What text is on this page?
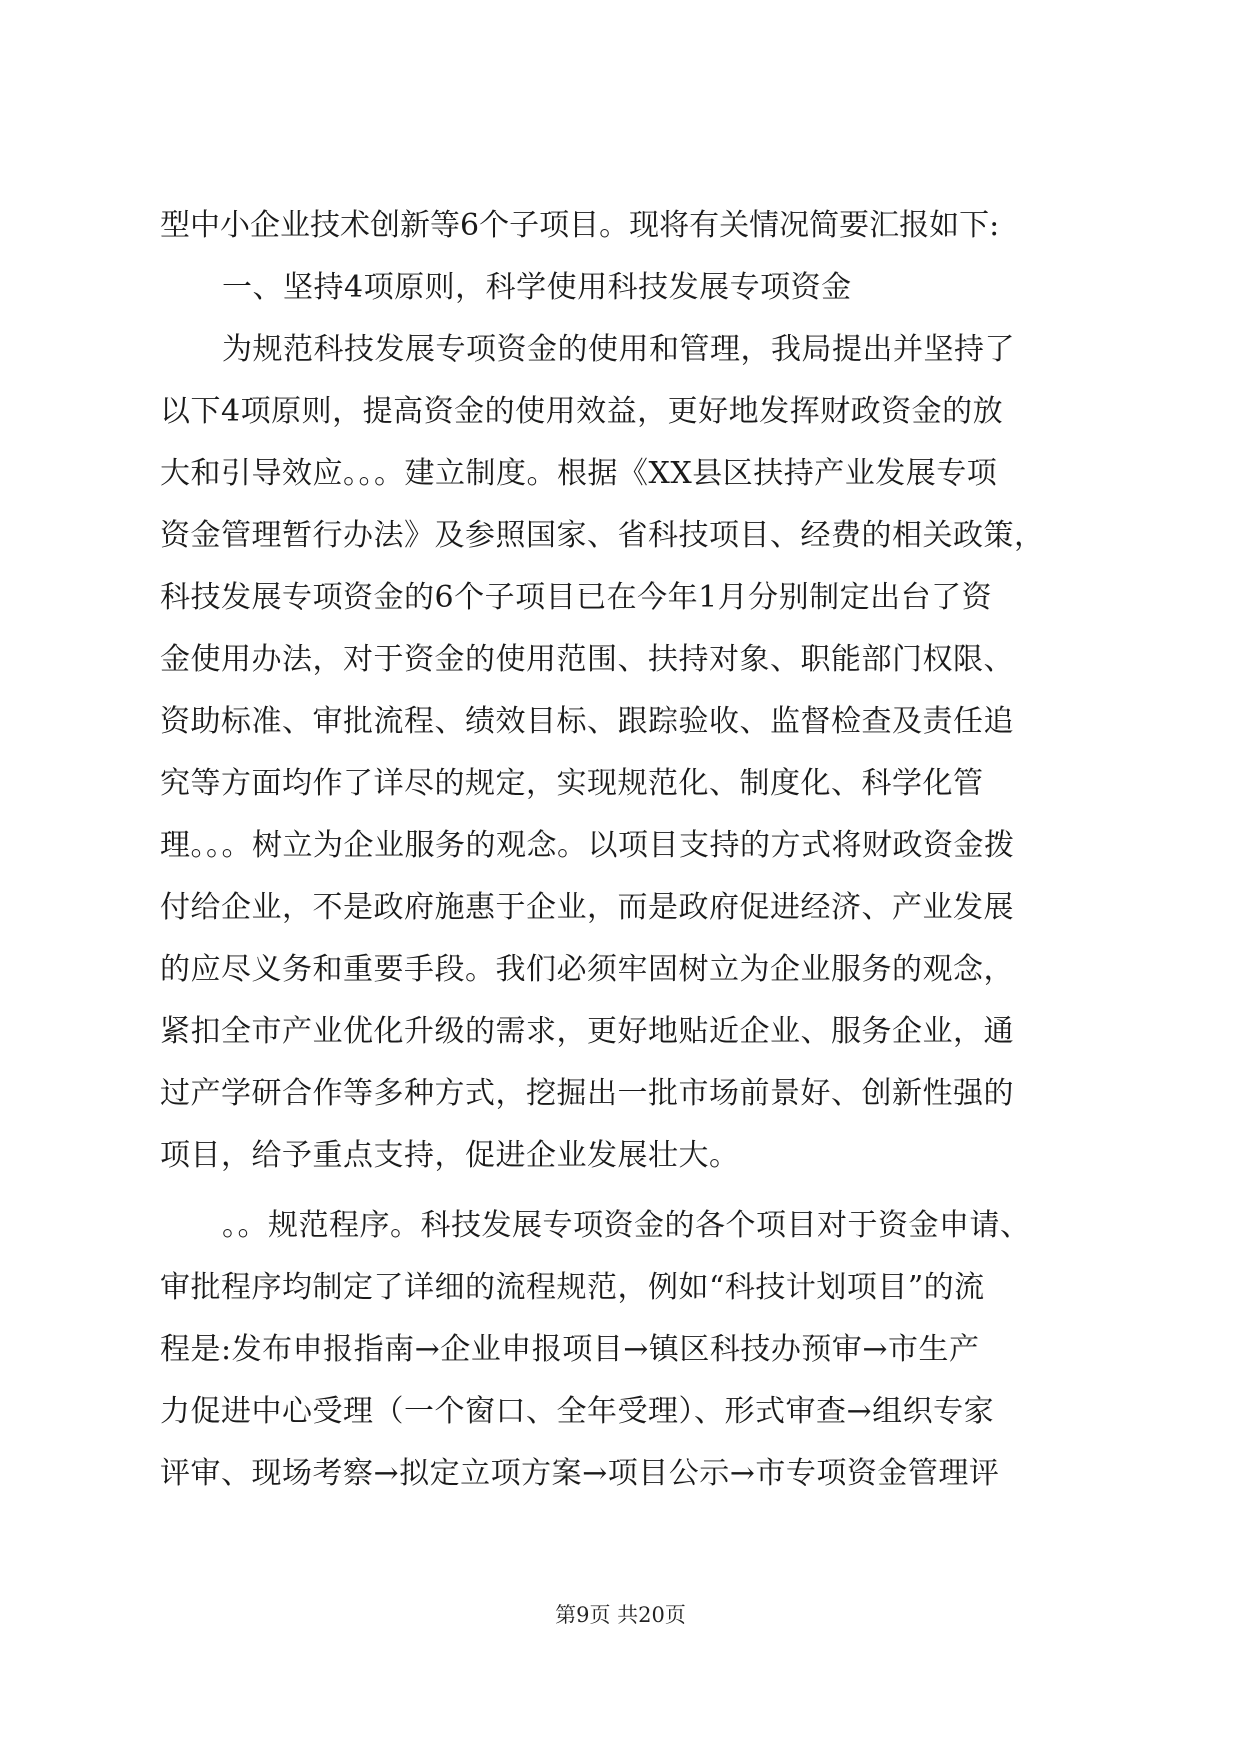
型中小企业技术创新等6个子项目。现将有关情况简要汇报如下:
一、坚持4项原则，科学使用科技发展专项资金
为规范科技发展专项资金的使用和管理，我局提出并坚持了
以下4项原则，提高资金的使用效益，更好地发挥财政资金的放
大和引导效应。。。建立制度。根据《XX县区扶持产业发展专项
资金管理暂行办法》及参照国家、省科技项目、经费的相关政策，
科技发展专项资金的6个子项目已在今年1月分别制定出台了资
金使用办法，对于资金的使用范围、扶持对象、职能部门权限、
资助标准、审批流程、绩效目标、跟踪验收、监督检查及责任追
究等方面均作了详尽的规定，实现规范化、制度化、科学化管
理。。。树立为企业服务的观念。以项目支持的方式将财政资金拨
付给企业，不是政府施惠于企业，而是政府促进经济、产业发展
的应尽义务和重要手段。我们必须牢固树立为企业服务的观念，
紧扣全市产业优化升级的需求，更好地贴近企业、服务企业，通
过产学研合作等多种方式，挖掘出一批市场前景好、创新性强的
项目，给予重点支持，促进企业发展壮大。
。。规范程序。科技发展专项资金的各个项目对于资金申请、
审批程序均制定了详细的流程规范，例如“科技计划项目”的流
程是:发布申报指南→企业申报项目→镇区科技办预审→市生产
力促进中心受理（一个窗口、全年受理）、形式审查→组织专家
评审、现场考察→拟定立项方案→项目公示→市专项资金管理评
第9页 共20页
